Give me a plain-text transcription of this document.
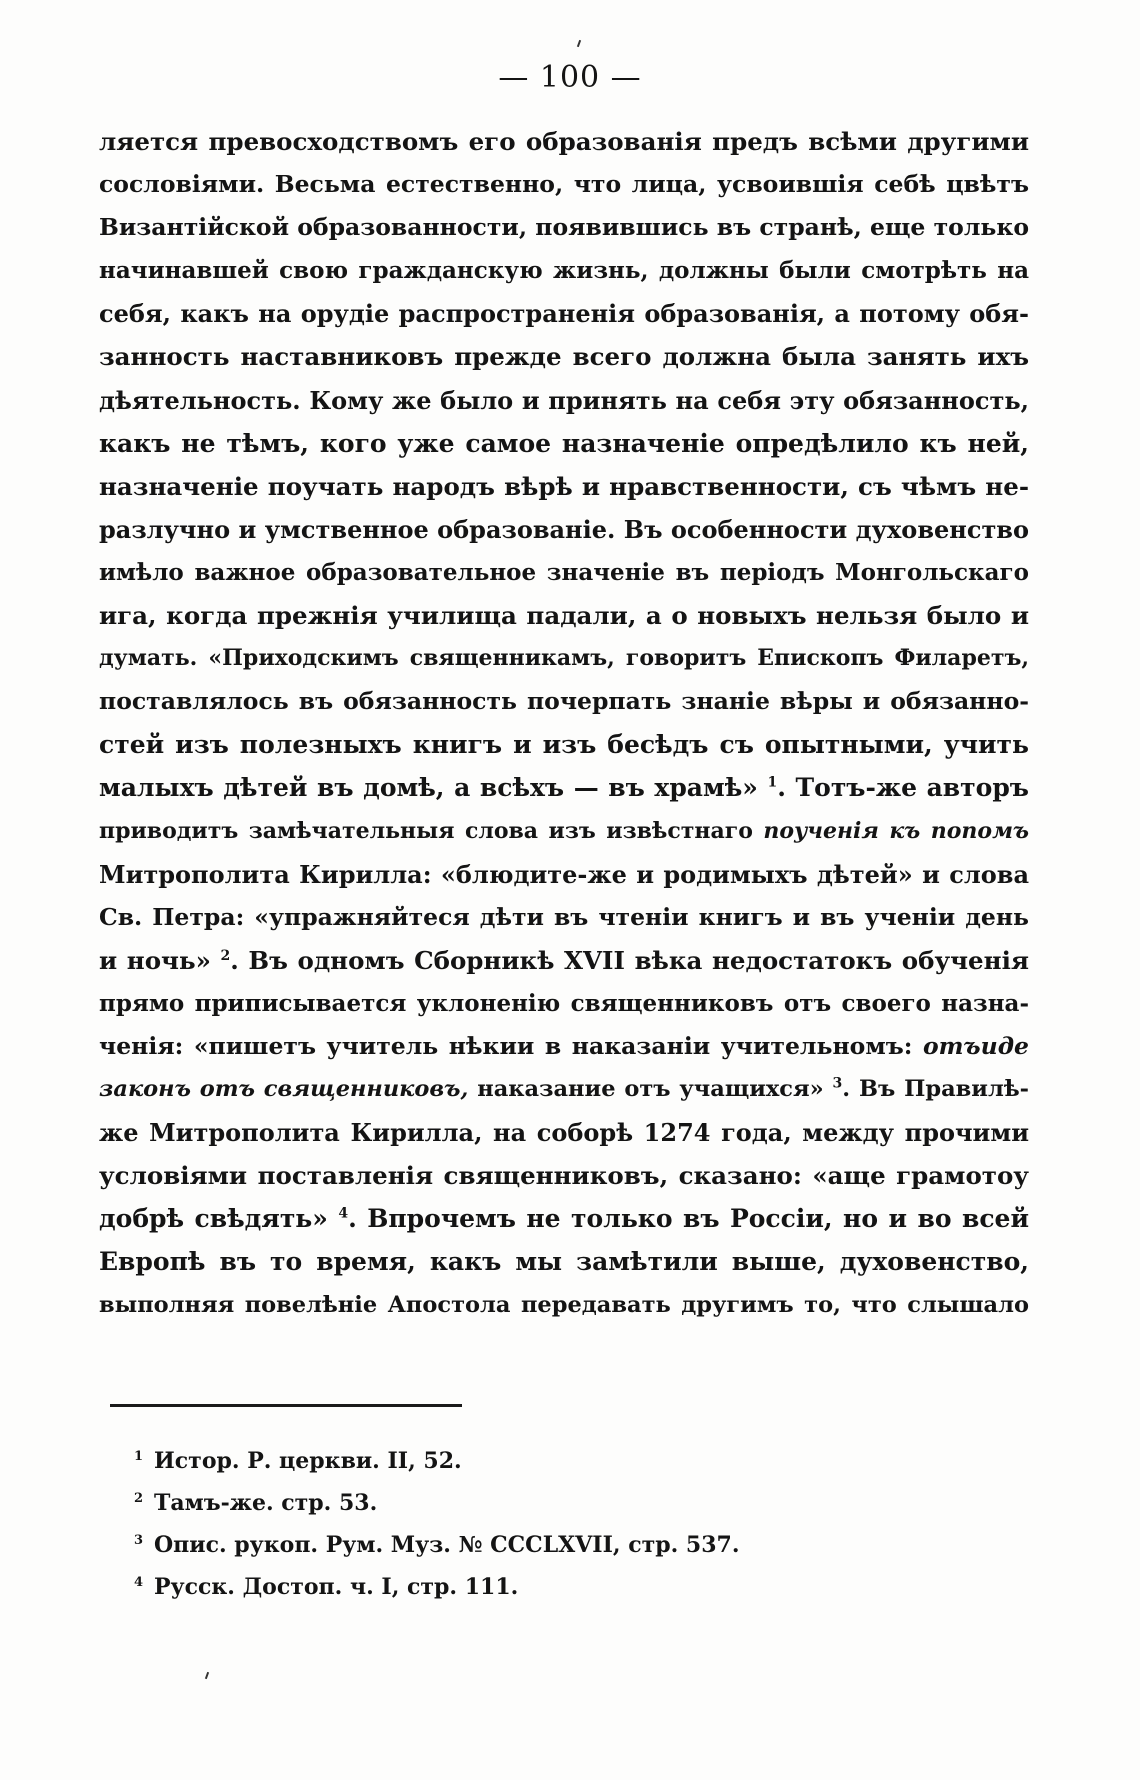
— 100 —
ляется превосходствомъ его образованія предъ всѣми другими
сословіями. Весьма естественно, что лица, усвоившія себѣ цвѣтъ
Византійской образованности, появившись въ странѣ, еще только
начинавшей свою гражданскую жизнь, должны были смотрѣть на
себя, какъ на орудіе распространенія образованія, а потому обя-
занность наставниковъ прежде всего должна была занять ихъ
дѣятельность. Кому же было и принять на себя эту обязанность,
какъ не тѣмъ, кого уже самое назначеніе опредѣлило къ ней,
назначеніе поучать народъ вѣрѣ и нравственности, съ чѣмъ не-
разлучно и умственное образованіе. Въ особенности духовенство
имѣло важное образовательное значеніе въ періодъ Монгольскаго
ига, когда прежнія училища падали, а о новыхъ нельзя было и
думать. «Приходскимъ священникамъ, говоритъ Епископъ Филаретъ,
поставлялось въ обязанность почерпать знаніе вѣры и обязанно-
стей изъ полезныхъ книгъ и изъ бесѣдъ съ опытными, учить
малыхъ дѣтей въ домѣ, а всѣхъ — въ храмѣ» $^1$. Тотъ-же авторъ
приводитъ замѣчательныя слова изъ извѣстнаго поученія къ попомъ
Митрополита Кирилла: «блюдите-же и родимыхъ дѣтей» и слова
Св. Петра: «упражняйтеся дѣти въ чтеніи книгъ и въ ученіи день
и ночь» $^2$. Въ одномъ Сборникѣ XVII вѣка недостатокъ обученія
прямо приписывается уклоненію священниковъ отъ своего назна-
ченія: «пишетъ учитель нѣкии в наказаніи учительномъ: отъиде
законъ отъ священниковъ, наказание отъ учащихся» $^3$. Въ Правилѣ-
же Митрополита Кирилла, на соборѣ 1274 года, между прочими
условіями поставленія священниковъ, сказано: «аще грамотоу
добрѣ свѣдять» $^4$. Впрочемъ не только въ Россіи, но и во всей
Европѣ въ то время, какъ мы замѣтили выше, духовенство,
выполняя повелѣніе Апостола передавать другимъ то, что слышало
1 Истор. Р. церкви. II, 52.
2 Тамъ-же. стр. 53.
3 Опис. рукоп. Рум. Муз. № CCCLXVII, стр. 537.
4 Русск. Достоп. ч. I, стр. 111.
